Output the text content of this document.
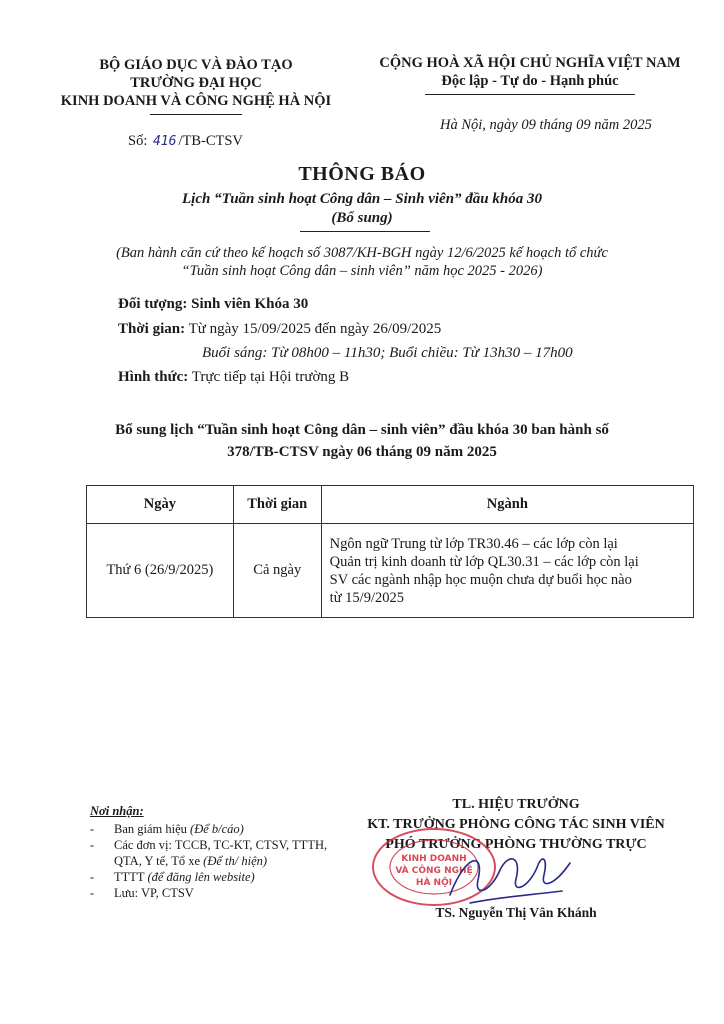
BỘ GIÁO DỤC VÀ ĐÀO TẠO
TRƯỜNG ĐẠI HỌC
KINH DOANH VÀ CÔNG NGHỆ HÀ NỘI
CỘNG HOÀ XÃ HỘI CHỦ NGHĨA VIỆT NAM
Độc lập - Tự do - Hạnh phúc
Số: 416 /TB-CTSV
Hà Nội, ngày 09 tháng 09 năm 2025
THÔNG BÁO
Lịch “Tuần sinh hoạt Công dân – Sinh viên” đầu khóa 30
(Bổ sung)
(Ban hành căn cứ theo kế hoạch số 3087/KH-BGH ngày 12/6/2025 kế hoạch tổ chức
“Tuần sinh hoạt Công dân – sinh viên” năm học 2025 - 2026)
Đối tượng: Sinh viên Khóa 30
Thời gian: Từ ngày 15/09/2025 đến ngày 26/09/2025
Buổi sáng: Từ 08h00 – 11h30; Buổi chiều: Từ 13h30 – 17h00
Hình thức: Trực tiếp tại Hội trường B
Bổ sung lịch “Tuần sinh hoạt Công dân – sinh viên” đầu khóa 30 ban hành số
378/TB-CTSV ngày 06 tháng 09 năm 2025
Ngày	Thời gian	Ngành
Thứ 6 (26/9/2025)	Cả ngày	Ngôn ngữ Trung từ lớp TR30.46 – các lớp còn lại
Quản trị kinh doanh từ lớp QL30.31 – các lớp còn lại
SV các ngành nhập học muộn chưa dự buổi học nào
từ 15/9/2025
Nơi nhận:
- Ban giám hiệu (Để b/cáo)
- Các đơn vị: TCCB, TC-KT, CTSV, TTTH, QTA, Y tế, Tổ xe (Để th/ hiện)
- TTTT (để đăng lên website)
- Lưu: VP, CTSV
TL. HIỆU TRƯỞNG
KT. TRƯỞNG PHÒNG CÔNG TÁC SINH VIÊN
PHÓ TRƯỞNG PHÒNG THƯỜNG TRỰC
KINH DOANH
VÀ CÔNG NGHỆ
HÀ NỘI
TS. Nguyễn Thị Vân Khánh
